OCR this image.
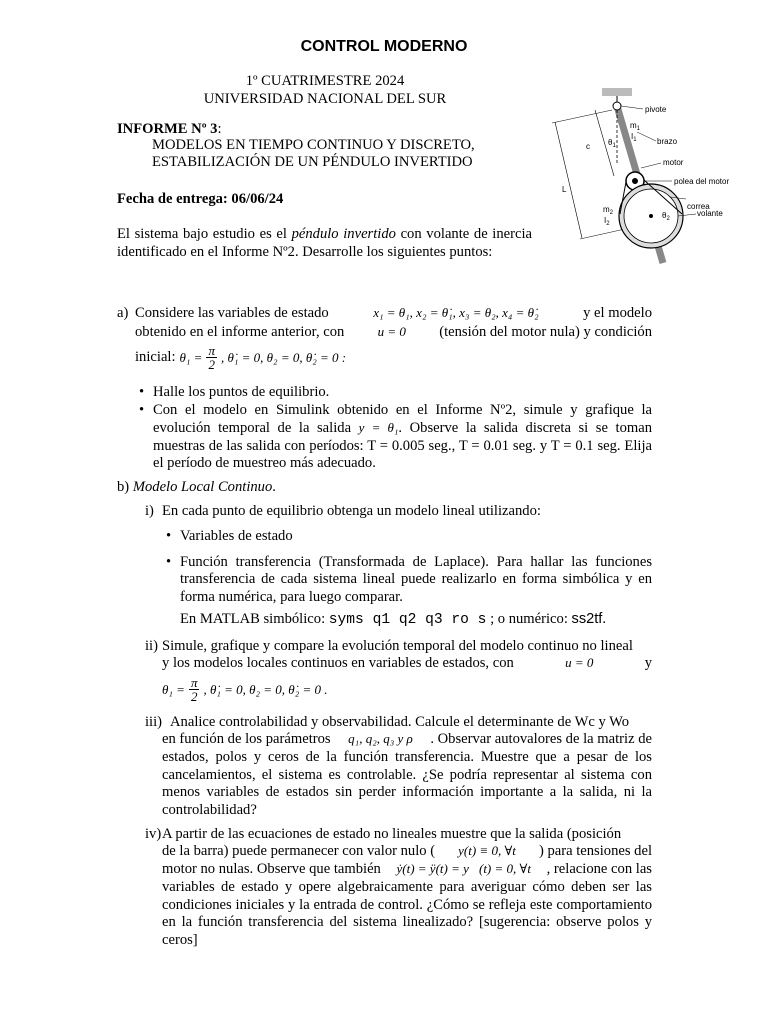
CONTROL MODERNO
1º CUATRIMESTRE 2024
UNIVERSIDAD NACIONAL DEL SUR
INFORME Nº 3:
MODELOS EN TIEMPO CONTINUO Y DISCRETO,
ESTABILIZACIÓN DE UN PÉNDULO INVERTIDO
Fecha de entrega: 06/06/24
El sistema bajo estudio es el péndulo invertido con volante de inercia identificado en el Informe Nº2. Desarrolle los siguientes puntos:
pivote
$m_1$
$I_1$	brazo
c $\theta_1$
motor
polea del motor
L
correa
$m_2$
$I_2$
$\theta_2$
volante
a) Considere las variables de estado	x₁ = θ₁, x₂ = θ̇₁, x₃ = θ₂, x₄ = θ̇₂	y el modelo
obtenido en el informe anterior, con	u = 0 (tensión del motor nula) y condición
inicial: $\theta_1 = \frac{\pi}{2}$ , θ̇₁ = 0, θ₂ = 0, θ̇₂ = 0 :
• Halle los puntos de equilibrio.
• Con el modelo en Simulink obtenido en el Informe Nº2, simule y grafique la evolución temporal de la salida y = θ₁. Observe la salida discreta si se toman muestras de las salida con períodos: T = 0.005 seg., T = 0.01 seg. y T = 0.1 seg. Elija el período de muestreo más adecuado.
b) Modelo Local Continuo.
i) En cada punto de equilibrio obtenga un modelo lineal utilizando:
• Variables de estado
• Función transferencia (Transformada de Laplace). Para hallar las funciones transferencia de cada sistema lineal puede realizarlo en forma simbólica y en forma numérica, para luego comparar.
En MATLAB simbólico: syms q1 q2 q3 ro s ; o numérico: ss2tf.
ii) Simule, grafique y compare la evolución temporal del modelo continuo no lineal
y los modelos locales continuos en variables de estados, con	u = 0	y
$\theta_1 = \frac{\pi}{2}$ , θ̇₁ = 0, θ₂ = 0, θ̇₂ = 0 .
iii) Analice controlabilidad y observabilidad. Calcule el determinante de Wc y Wo
en función de los parámetros q₁, q₂, q₃ y ρ . Observar autovalores de la matriz de
estados, polos y ceros de la función transferencia. Muestre que a pesar de los cancelamientos, el sistema es controlable. ¿Se podría representar al sistema con menos variables de estados sin perder información importante a la salida, ni la controlabilidad?
iv) A partir de las ecuaciones de estado no lineales muestre que la salida (posición
de la barra) puede permanecer con valor nulo ( y(t) ≡ 0, ∀t ) para tensiones del
motor no nulas. Observe que también ẏ(t) = ÿ(t) = y⃛(t) = 0, ∀t , relacione con las
variables de estado y opere algebraicamente para averiguar cómo deben ser las condiciones iniciales y la entrada de control. ¿Cómo se refleja este comportamiento en la función transferencia del sistema linealizado? [sugerencia: observe polos y ceros]
